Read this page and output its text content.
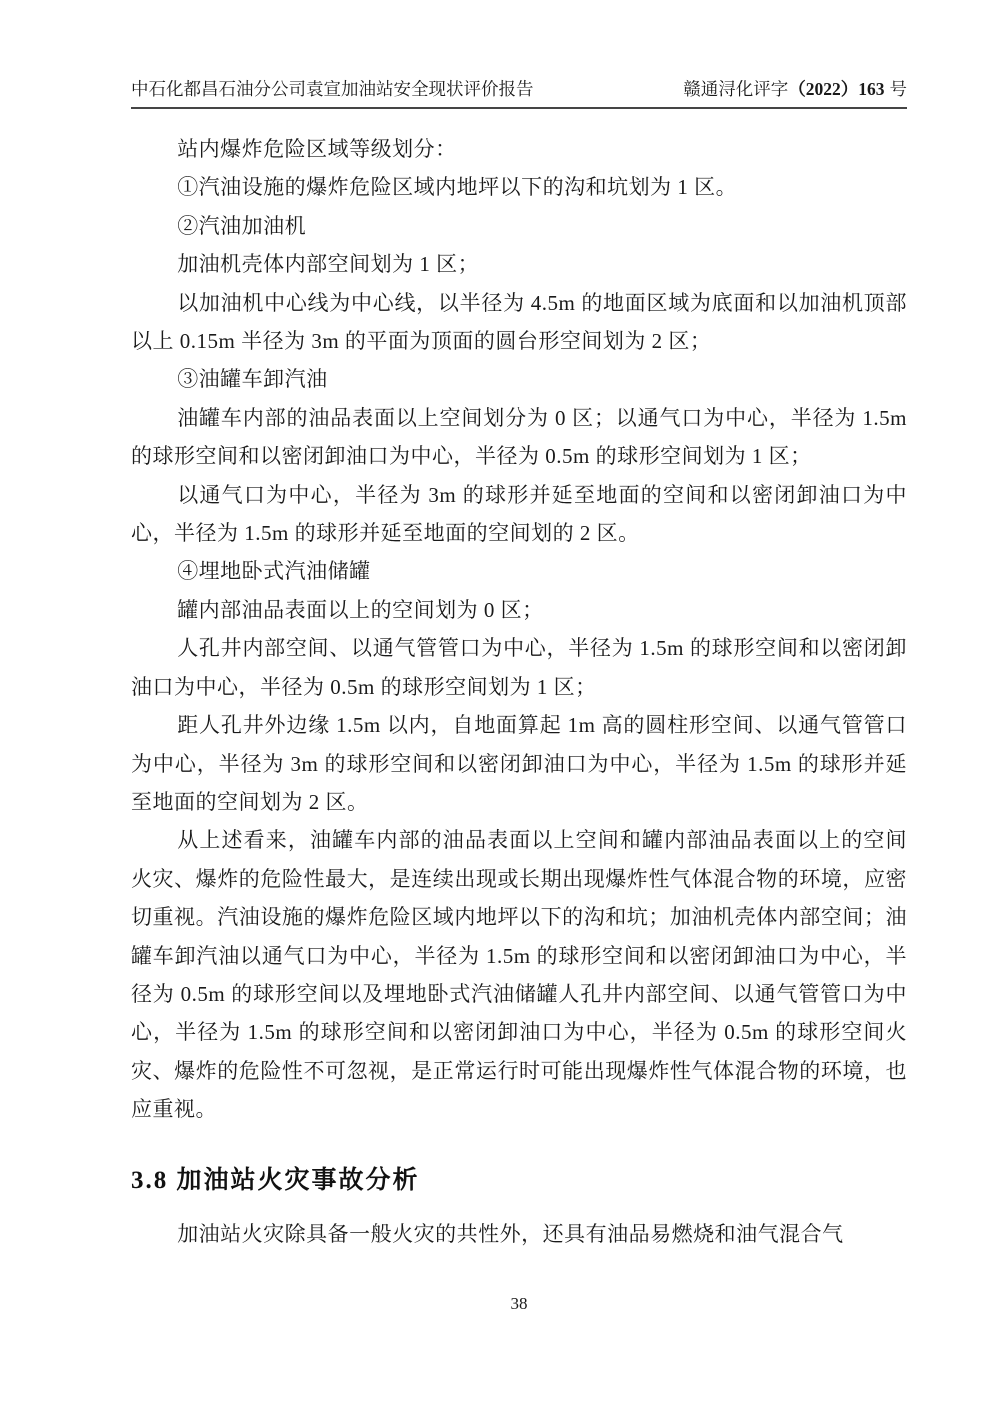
中石化都昌石油分公司袁宣加油站安全现状评价报告	赣通浔化评字（2022）163 号

站内爆炸危险区域等级划分：

①汽油设施的爆炸危险区域内地坪以下的沟和坑划为 1 区。

②汽油加油机

加油机壳体内部空间划为 1 区；

以加油机中心线为中心线，以半径为 4.5m 的地面区域为底面和以加油机顶部以上 0.15m 半径为 3m 的平面为顶面的圆台形空间划为 2 区；

③油罐车卸汽油

油罐车内部的油品表面以上空间划分为 0 区；以通气口为中心，半径为 1.5m 的球形空间和以密闭卸油口为中心，半径为 0.5m 的球形空间划为 1 区；

以通气口为中心，半径为 3m 的球形并延至地面的空间和以密闭卸油口为中心，半径为 1.5m 的球形并延至地面的空间划的 2 区。

④埋地卧式汽油储罐

罐内部油品表面以上的空间划为 0 区；

人孔井内部空间、以通气管管口为中心，半径为 1.5m 的球形空间和以密闭卸油口为中心，半径为 0.5m 的球形空间划为 1 区；

距人孔井外边缘 1.5m 以内，自地面算起 1m 高的圆柱形空间、以通气管管口为中心，半径为 3m 的球形空间和以密闭卸油口为中心，半径为 1.5m 的球形并延至地面的空间划为 2 区。

从上述看来，油罐车内部的油品表面以上空间和罐内部油品表面以上的空间火灾、爆炸的危险性最大，是连续出现或长期出现爆炸性气体混合物的环境，应密切重视。汽油设施的爆炸危险区域内地坪以下的沟和坑；加油机壳体内部空间；油罐车卸汽油以通气口为中心，半径为 1.5m 的球形空间和以密闭卸油口为中心，半径为 0.5m 的球形空间以及埋地卧式汽油储罐人孔井内部空间、以通气管管口为中心，半径为 1.5m 的球形空间和以密闭卸油口为中心，半径为 0.5m 的球形空间火灾、爆炸的危险性不可忽视，是正常运行时可能出现爆炸性气体混合物的环境，也应重视。

3.8 加油站火灾事故分析

加油站火灾除具备一般火灾的共性外，还具有油品易燃烧和油气混合气

38
